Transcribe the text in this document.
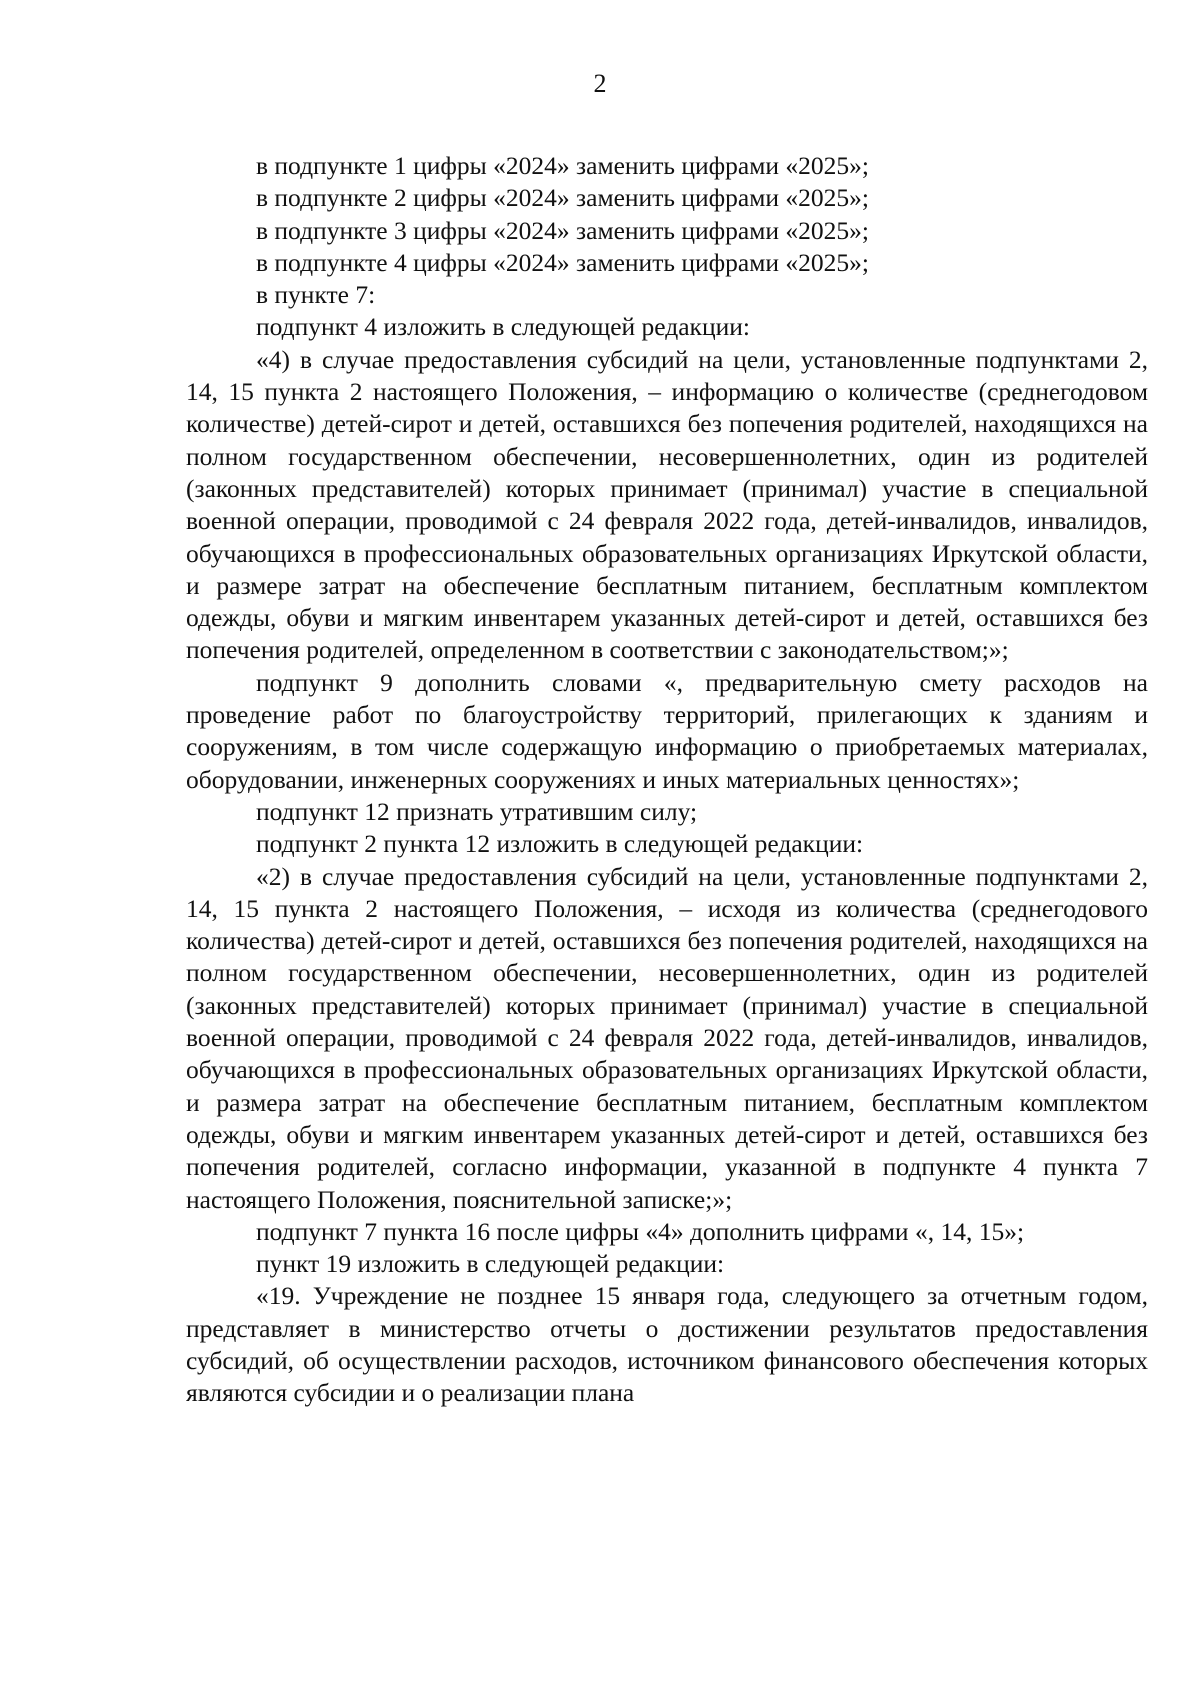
2

в подпункте 1 цифры «2024» заменить цифрами «2025»;

в подпункте 2 цифры «2024» заменить цифрами «2025»;

в подпункте 3 цифры «2024» заменить цифрами «2025»;

в подпункте 4 цифры «2024» заменить цифрами «2025»;

в пункте 7:

подпункт 4 изложить в следующей редакции:

«4) в случае предоставления субсидий на цели, установленные подпунктами 2, 14, 15 пункта 2 настоящего Положения, – информацию о количестве (среднегодовом количестве) детей-сирот и детей, оставшихся без попечения родителей, находящихся на полном государственном обеспечении, несовершеннолетних, один из родителей (законных представителей) которых принимает (принимал) участие в специальной военной операции, проводимой с 24 февраля 2022 года, детей-инвалидов, инвалидов, обучающихся в профессиональных образовательных организациях Иркутской области, и размере затрат на обеспечение бесплатным питанием, бесплатным комплектом одежды, обуви и мягким инвентарем указанных детей-сирот и детей, оставшихся без попечения родителей, определенном в соответствии с законодательством;»;

подпункт 9 дополнить словами «, предварительную смету расходов на проведение работ по благоустройству территорий, прилегающих к зданиям и сооружениям, в том числе содержащую информацию о приобретаемых материалах, оборудовании, инженерных сооружениях и иных материальных ценностях»;

подпункт 12 признать утратившим силу;

подпункт 2 пункта 12 изложить в следующей редакции:

«2) в случае предоставления субсидий на цели, установленные подпунктами 2, 14, 15 пункта 2 настоящего Положения, – исходя из количества (среднегодового количества) детей-сирот и детей, оставшихся без попечения родителей, находящихся на полном государственном обеспечении, несовершеннолетних, один из родителей (законных представителей) которых принимает (принимал) участие в специальной военной операции, проводимой с 24 февраля 2022 года, детей-инвалидов, инвалидов, обучающихся в профессиональных образовательных организациях Иркутской области, и размера затрат на обеспечение бесплатным питанием, бесплатным комплектом одежды, обуви и мягким инвентарем указанных детей-сирот и детей, оставшихся без попечения родителей, согласно информации, указанной в подпункте 4 пункта 7 настоящего Положения, пояснительной записке;»;

подпункт 7 пункта 16 после цифры «4» дополнить цифрами «, 14, 15»;

пункт 19 изложить в следующей редакции:

«19. Учреждение не позднее 15 января года, следующего за отчетным годом, представляет в министерство отчеты о достижении результатов предоставления субсидий, об осуществлении расходов, источником финансового обеспечения которых являются субсидии и о реализации плана
